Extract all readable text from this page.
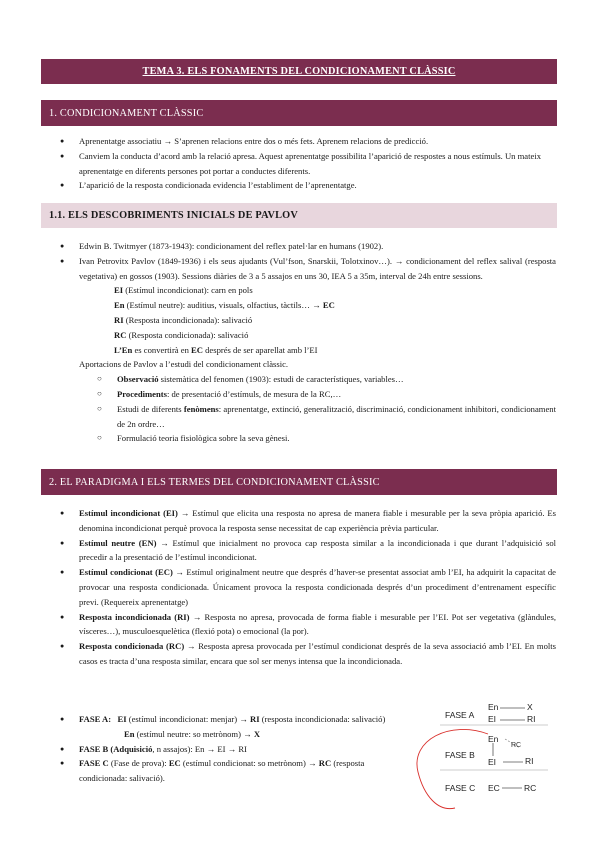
TEMA 3. ELS FONAMENTS DEL CONDICIONAMENT CLÀSSIC
1. CONDICIONAMENT CLÀSSIC
● Aprenentatge associatiu → S’aprenen relacions entre dos o més fets. Aprenem relacions de predicció.
● Canviem la conducta d’acord amb la relació apresa. Aquest aprenentatge possibilita l’aparició de respostes a nous estímuls. Un mateix aprenentatge en diferents persones pot portar a conductes diferents.
● L’aparició de la resposta condicionada evidencia l’establiment de l’aprenentatge.
1.1. ELS DESCOBRIMENTS INICIALS DE PAVLOV
● Edwin B. Twitmyer (1873-1943): condicionament del reflex patel·lar en humans (1902).
● Ivan Petrovitx Pavlov (1849-1936) i els seus ajudants (Vul’fson, Snarskii, Tolotxinov…). → condicionament del reflex salival (resposta vegetativa) en gossos (1903). Sessions diàries de 3 a 5 assajos en uns 30, IEA 5 a 35m, interval de 24h entre sessions.
EI (Estímul incondicionat): carn en pols
En (Estímul neutre): auditius, visuals, olfactius, tàctils… → EC
RI (Resposta incondicionada): salivació
RC (Resposta condicionada): salivació
L’En es convertirà en EC després de ser aparellat amb l’EI
Aportacions de Pavlov a l’estudi del condicionament clàssic.
○ Observació sistemàtica del fenomen (1903): estudi de característiques, variables…
○ Procediments: de presentació d’estímuls, de mesura de la RC,…
○ Estudi de diferents fenòmens: aprenentatge, extinció, generalització, discriminació, condicionament inhibitori, condicionament de 2n ordre…
○ Formulació teoria fisiològica sobre la seva gènesi.
2. EL PARADIGMA I ELS TERMES DEL CONDICIONAMENT CLÀSSIC
● Estímul incondicionat (EI) → Estímul que elicita una resposta no apresa de manera fiable i mesurable per la seva pròpia aparició. Es denomina incondicionat perquè provoca la resposta sense necessitat de cap experiència prèvia particular.
● Estímul neutre (EN) → Estímul que inicialment no provoca cap resposta similar a la incondicionada i que durant l’adquisició sol precedir a la presentació de l’estímul incondicionat.
● Estímul condicionat (EC) → Estímul originalment neutre que després d’haver-se presentat associat amb l’EI, ha adquirit la capacitat de provocar una resposta condicionada. Únicament provoca la resposta condicionada després d’un procediment d’entrenament específic previ. (Requereix aprenentatge)
● Resposta incondicionada (RI) → Resposta no apresa, provocada de forma fiable i mesurable per l’EI. Pot ser vegetativa (glàndules, vísceres…), musculoesquelètica (flexió pota) o emocional (la por).
● Resposta condicionada (RC) → Resposta apresa provocada per l’estímul condicionat després de la seva associació amb l’EI. En molts casos es tracta d’una resposta similar, encara que sol ser menys intensa que la incondicionada.
● FASE A: EI (estímul incondicionat: menjar) → RI (resposta incondicionada: salivació)
En (estímul neutre: so metrònom) → X
● FASE B (Adquisició, n assajos): En → EI → RI
● FASE C (Fase de prova): EC (estímul condicionat: so metrònom) → RC (resposta condicionada: salivació).
FASE A
En	X
EI	RI
FASE B
En
RC
EI	RI
FASE C EC	RC
